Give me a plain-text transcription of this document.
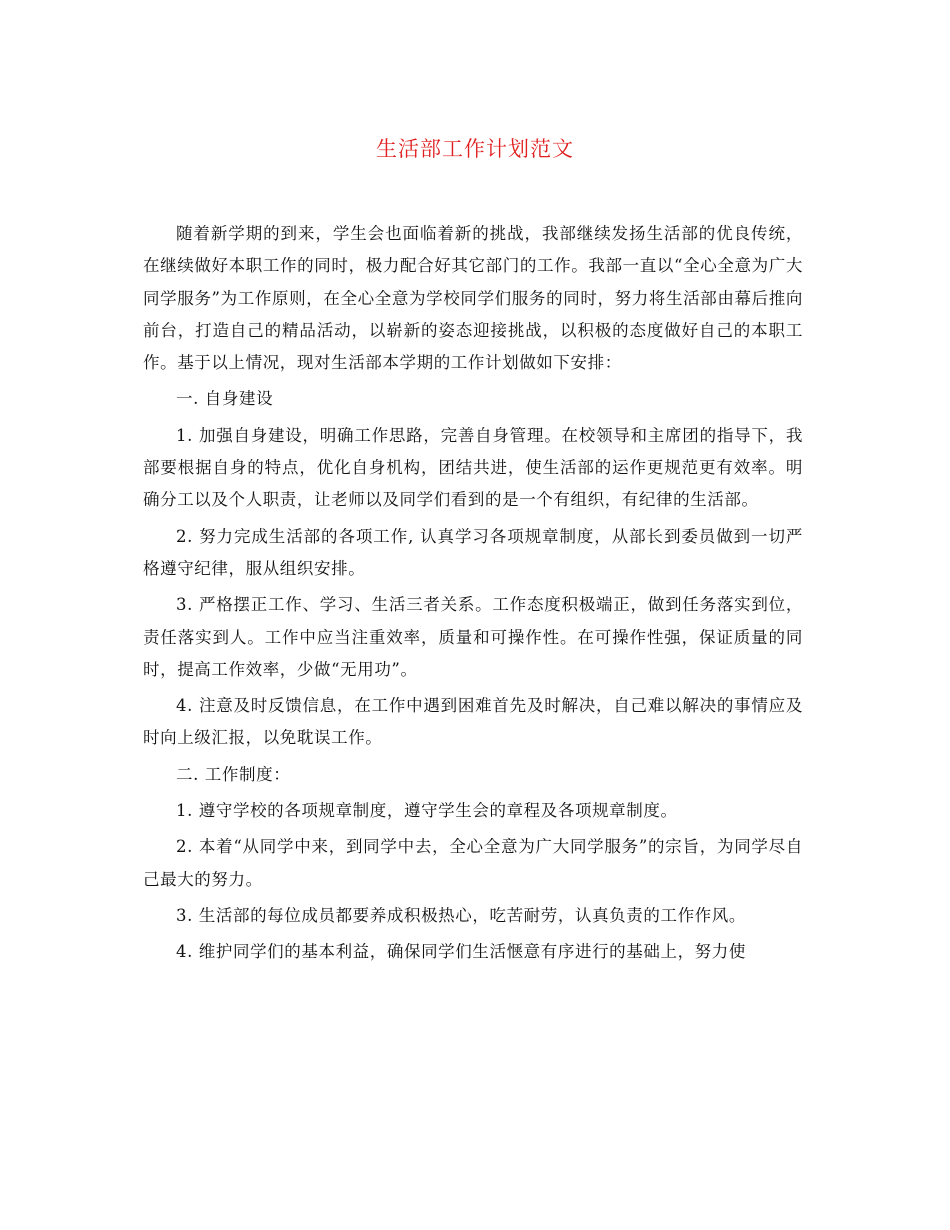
生活部工作计划范文

随着新学期的到来，学生会也面临着新的挑战，我部继续发扬生活部的优良传统，在继续做好本职工作的同时，极力配合好其它部门的工作。我部一直以“全心全意为广大同学服务”为工作原则，在全心全意为学校同学们服务的同时，努力将生活部由幕后推向前台，打造自己的精品活动，以崭新的姿态迎接挑战，以积极的态度做好自己的本职工作。基于以上情况，现对生活部本学期的工作计划做如下安排：

一. 自身建设

1. 加强自身建设，明确工作思路，完善自身管理。在校领导和主席团的指导下，我部要根据自身的特点，优化自身机构，团结共进，使生活部的运作更规范更有效率。明确分工以及个人职责，让老师以及同学们看到的是一个有组织，有纪律的生活部。

2. 努力完成生活部的各项工作, 认真学习各项规章制度，从部长到委员做到一切严格遵守纪律，服从组织安排。

3. 严格摆正工作、学习、生活三者关系。工作态度积极端正，做到任务落实到位，责任落实到人。工作中应当注重效率，质量和可操作性。在可操作性强，保证质量的同时，提高工作效率，少做“无用功”。

4. 注意及时反馈信息，在工作中遇到困难首先及时解决，自己难以解决的事情应及时向上级汇报，以免耽误工作。

二. 工作制度：

1. 遵守学校的各项规章制度，遵守学生会的章程及各项规章制度。

2. 本着“从同学中来，到同学中去，全心全意为广大同学服务”的宗旨，为同学尽自己最大的努力。

3. 生活部的每位成员都要养成积极热心，吃苦耐劳，认真负责的工作作风。

4. 维护同学们的基本利益，确保同学们生活惬意有序进行的基础上，努力使
